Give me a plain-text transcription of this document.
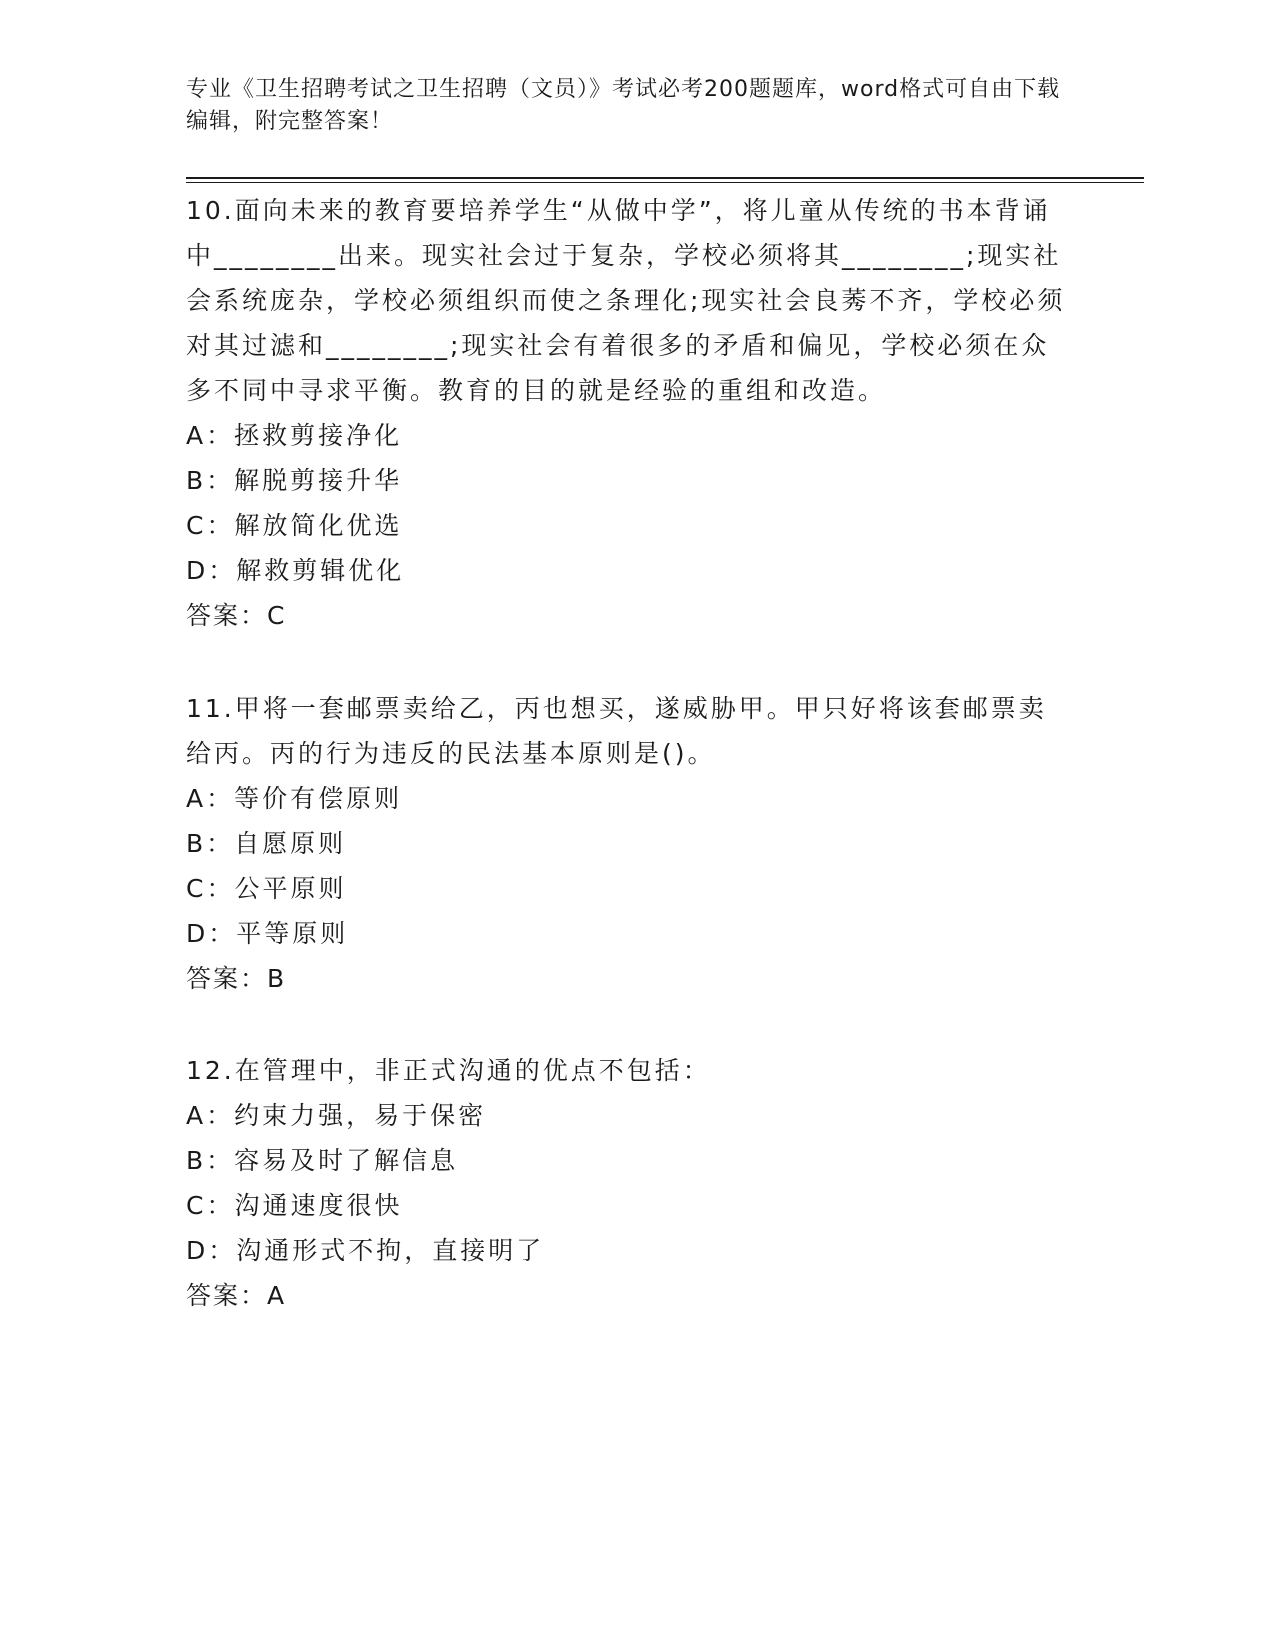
专业《卫生招聘考试之卫生招聘（文员）》考试必考200题题库，word格式可自由下载编辑，附完整答案！

10.面向未来的教育要培养学生“从做中学”，将儿童从传统的书本背诵中________出来。现实社会过于复杂，学校必须将其________;现实社会系统庞杂，学校必须组织而使之条理化;现实社会良莠不齐，学校必须对其过滤和________;现实社会有着很多的矛盾和偏见，学校必须在众多不同中寻求平衡。教育的目的就是经验的重组和改造。

A：拯救剪接净化

B：解脱剪接升华

C：解放简化优选

D：解救剪辑优化

答案：C

11.甲将一套邮票卖给乙，丙也想买，遂威胁甲。甲只好将该套邮票卖给丙。丙的行为违反的民法基本原则是()。

A：等价有偿原则

B：自愿原则

C：公平原则

D：平等原则

答案：B

12.在管理中，非正式沟通的优点不包括：

A：约束力强，易于保密

B：容易及时了解信息

C：沟通速度很快

D：沟通形式不拘，直接明了

答案：A
